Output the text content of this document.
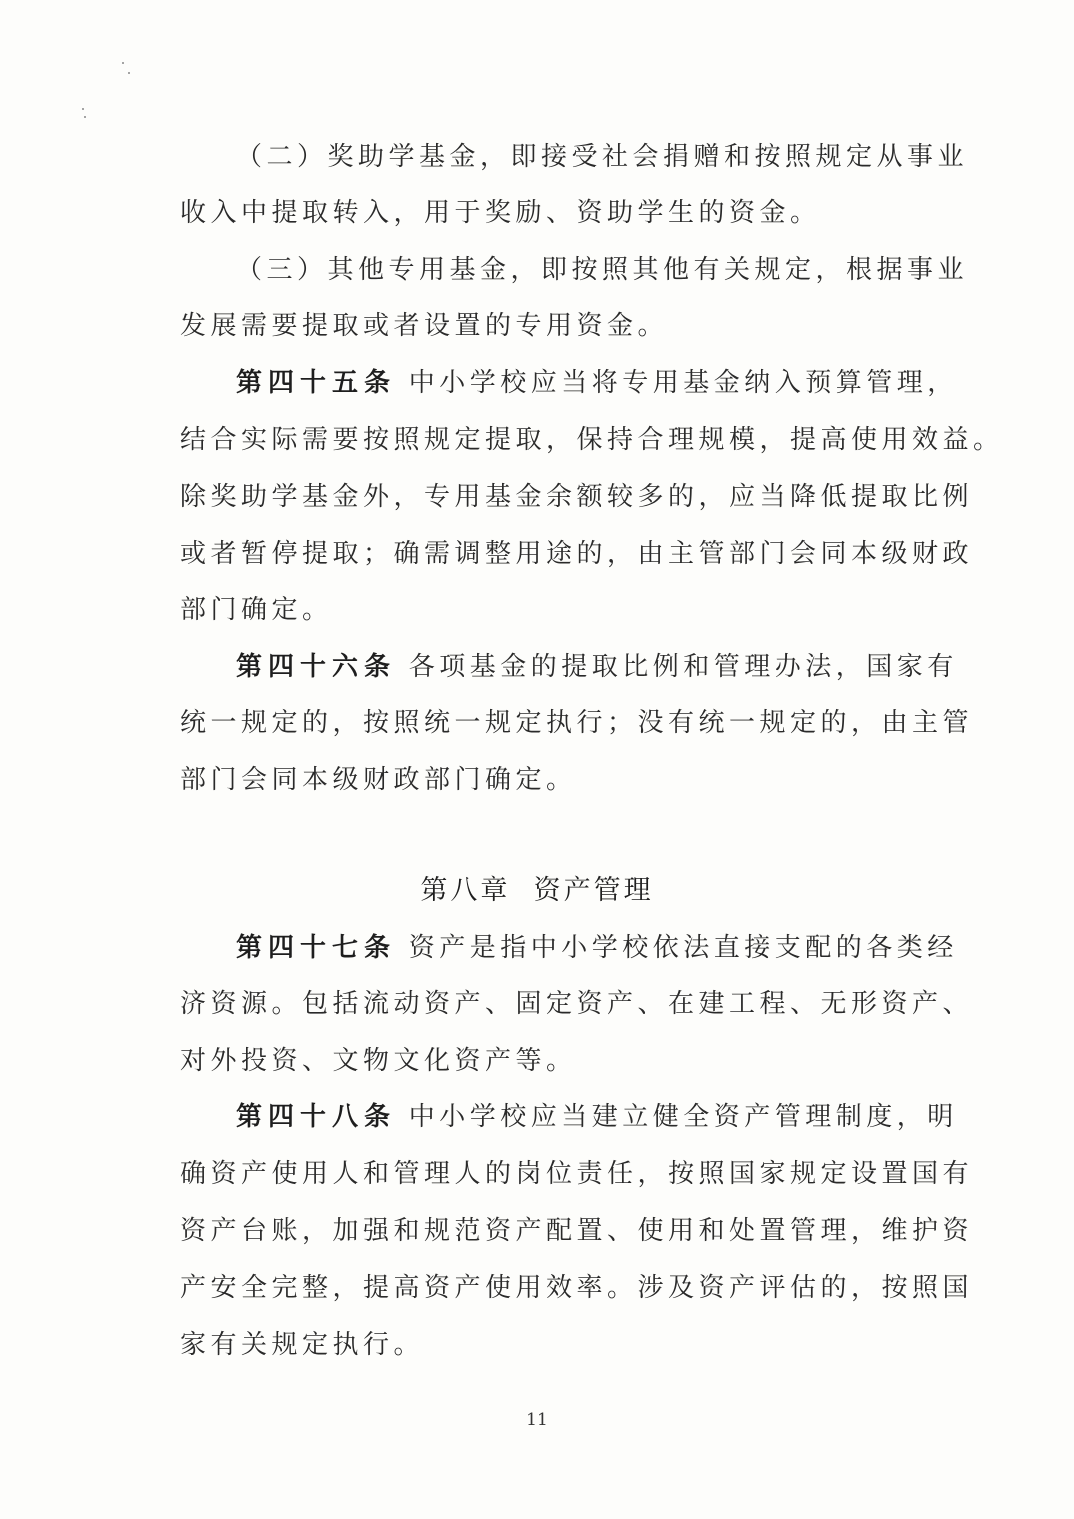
（二）奖助学基金，即接受社会捐赠和按照规定从事业
收入中提取转入，用于奖励、资助学生的资金。
（三）其他专用基金，即按照其他有关规定，根据事业
发展需要提取或者设置的专用资金。
第四十五条 中小学校应当将专用基金纳入预算管理，
结合实际需要按照规定提取，保持合理规模，提高使用效益。
除奖助学基金外，专用基金余额较多的，应当降低提取比例
或者暂停提取；确需调整用途的，由主管部门会同本级财政
部门确定。
第四十六条 各项基金的提取比例和管理办法，国家有
统一规定的，按照统一规定执行；没有统一规定的，由主管
部门会同本级财政部门确定。
第八章  资产管理
第四十七条 资产是指中小学校依法直接支配的各类经
济资源。包括流动资产、固定资产、在建工程、无形资产、
对外投资、文物文化资产等。
第四十八条 中小学校应当建立健全资产管理制度，明
确资产使用人和管理人的岗位责任，按照国家规定设置国有
资产台账，加强和规范资产配置、使用和处置管理，维护资
产安全完整，提高资产使用效率。涉及资产评估的，按照国
家有关规定执行。
11
